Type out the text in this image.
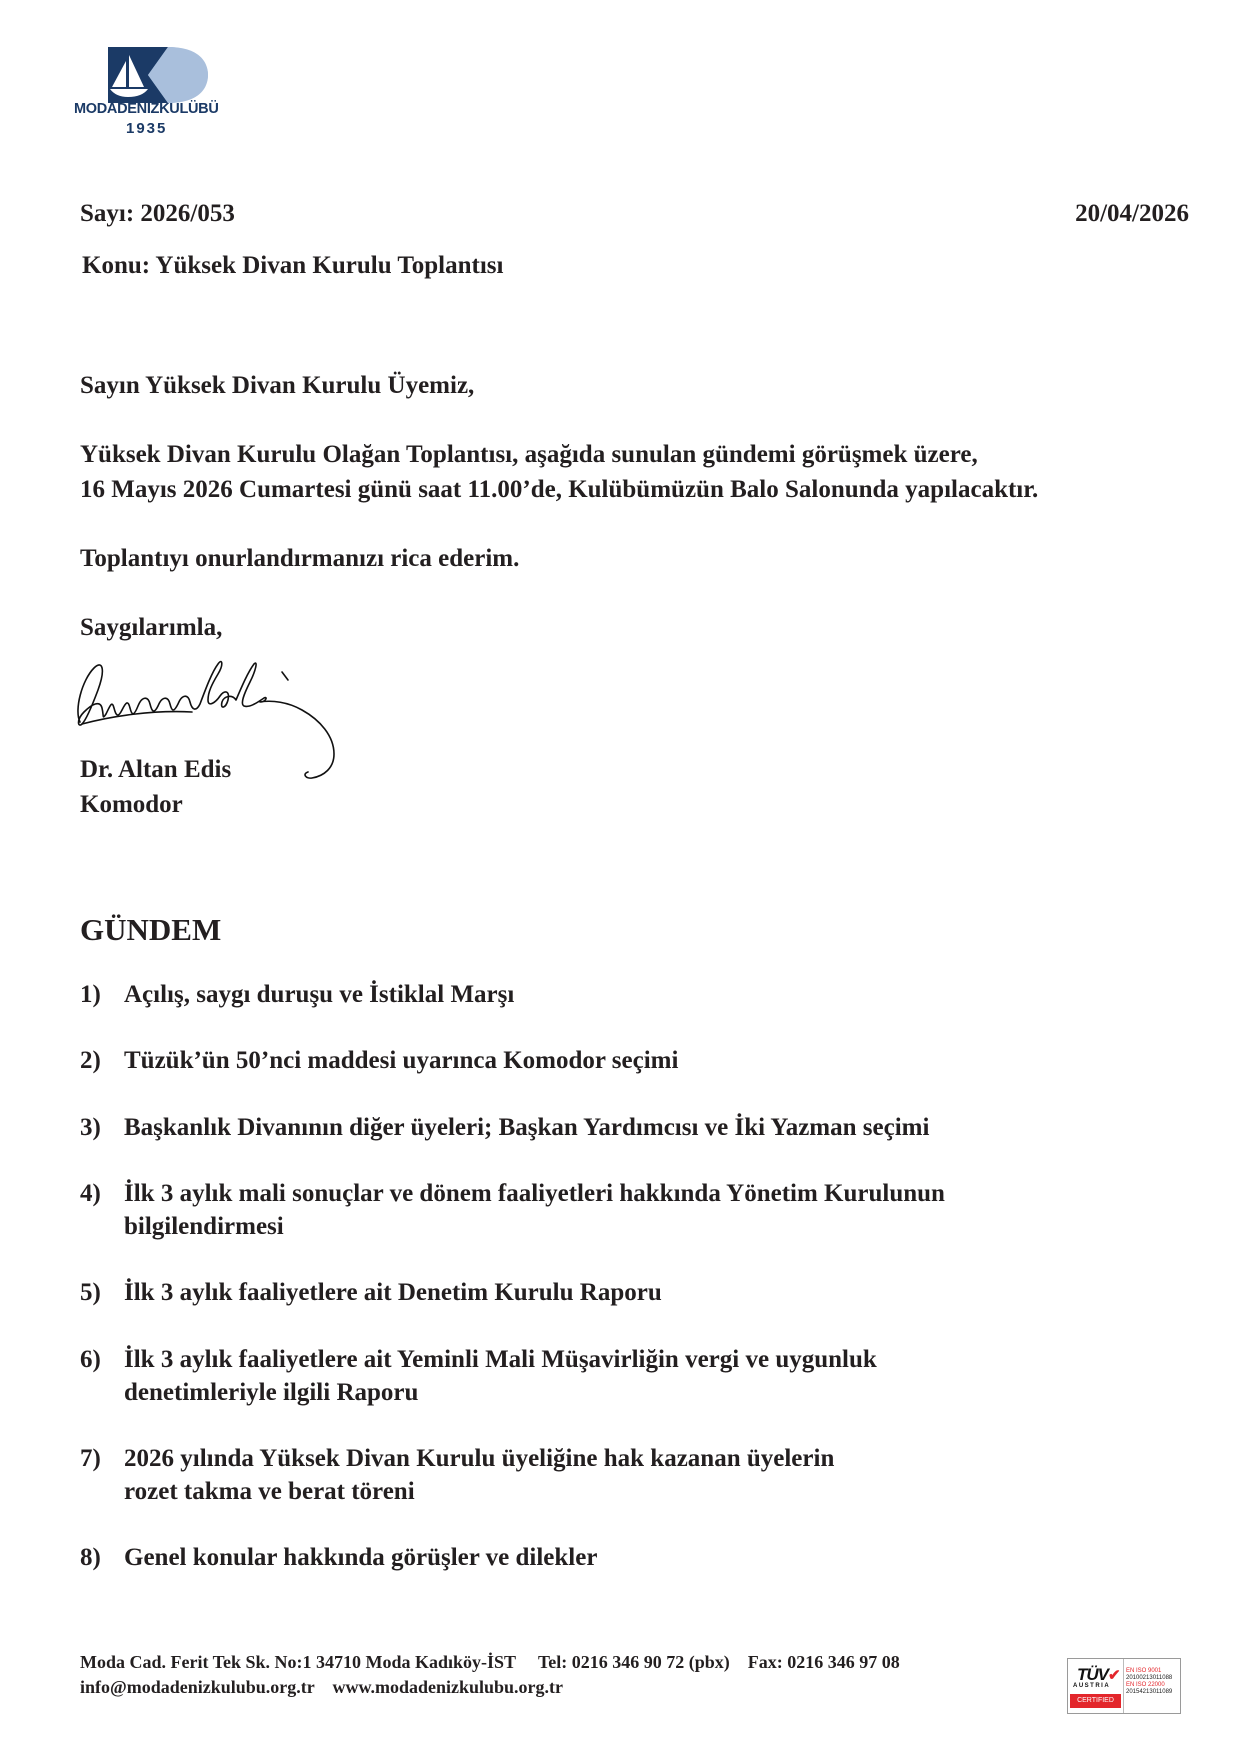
MODADENİZKULÜBÜ
1935
Sayı: 2026/053	20/04/2026
Konu: Yüksek Divan Kurulu Toplantısı
Sayın Yüksek Divan Kurulu Üyemiz,
Yüksek Divan Kurulu Olağan Toplantısı, aşağıda sunulan gündemi görüşmek üzere,
16 Mayıs 2026 Cumartesi günü saat 11.00’de, Kulübümüzün Balo Salonunda yapılacaktır.
Toplantıyı onurlandırmanızı rica ederim.
Saygılarımla,
Dr. Altan Edis
Komodor
GÜNDEM
1) Açılış, saygı duruşu ve İstiklal Marşı
2) Tüzük’ün 50’nci maddesi uyarınca Komodor seçimi
3) Başkanlık Divanının diğer üyeleri; Başkan Yardımcısı ve İki Yazman seçimi
4) İlk 3 aylık mali sonuçlar ve dönem faaliyetleri hakkında Yönetim Kurulunun
bilgilendirmesi
5) İlk 3 aylık faaliyetlere ait Denetim Kurulu Raporu
6) İlk 3 aylık faaliyetlere ait Yeminli Mali Müşavirliğin vergi ve uygunluk
denetimleriyle ilgili Raporu
7) 2026 yılında Yüksek Divan Kurulu üyeliğine hak kazanan üyelerin
rozet takma ve berat töreni
8) Genel konular hakkında görüşler ve dilekler
Moda Cad. Ferit Tek Sk. No:1 34710 Moda Kadıköy-İST Tel: 0216 346 90 72 (pbx) Fax: 0216 346 97 08
info@modadenizkulubu.org.tr www.modadenizkulubu.org.tr
TÜV✔
AUSTRIA
CERTIFIED
EN ISO 9001
20100213011088
EN ISO 22000
20154213011089
